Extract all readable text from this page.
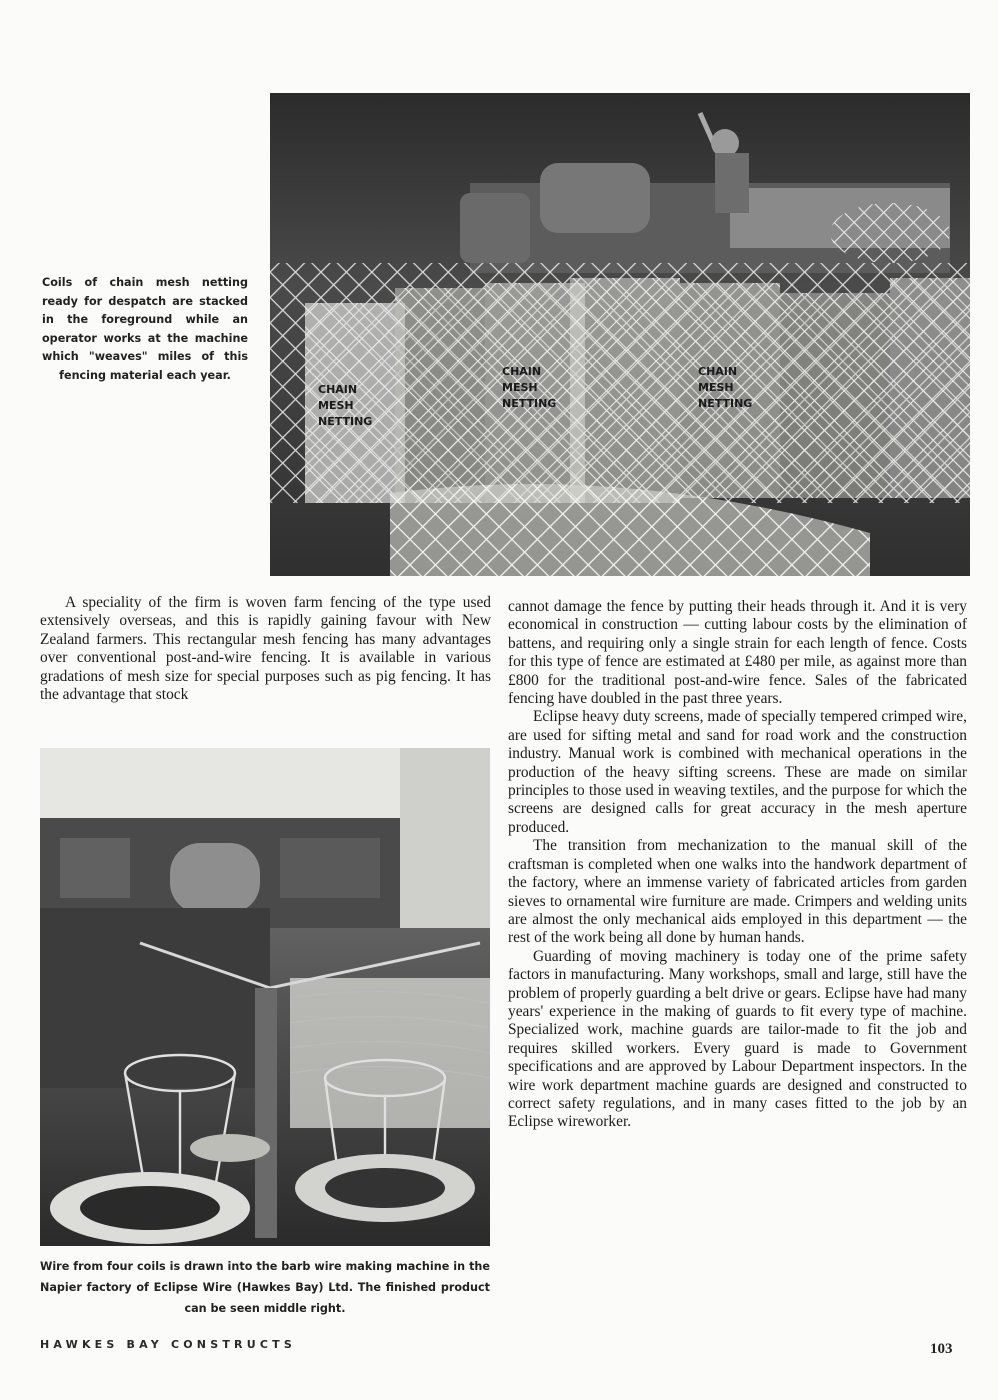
CHAIN
MESH
NETTING
CHAIN
MESH
NETTING
CHAIN
MESH
NETTING
Coils of chain mesh netting ready for despatch are stacked in the foreground while an operator works at the machine which "weaves" miles of this fencing material each year.

A speciality of the firm is woven farm fencing of the type used extensively overseas, and this is rapidly gaining favour with New Zealand farmers. This rectangular mesh fencing has many advantages over conventional post-and-wire fencing. It is available in various gradations of mesh size for special purposes such as pig fencing. It has the advantage that stock

Wire from four coils is drawn into the barb wire making machine in the Napier factory of Eclipse Wire (Hawkes Bay) Ltd. The finished product can be seen middle right.

cannot damage the fence by putting their heads through it. And it is very economical in construction — cutting labour costs by the elimination of battens, and requiring only a single strain for each length of fence. Costs for this type of fence are estimated at £480 per mile, as against more than £800 for the traditional post-and-wire fence. Sales of the fabricated fencing have doubled in the past three years.

Eclipse heavy duty screens, made of specially tempered crimped wire, are used for sifting metal and sand for road work and the construction industry. Manual work is combined with mechanical operations in the production of the heavy sifting screens. These are made on similar principles to those used in weaving textiles, and the purpose for which the screens are designed calls for great accuracy in the mesh aperture produced.

The transition from mechanization to the manual skill of the craftsman is completed when one walks into the handwork department of the factory, where an immense variety of fabricated articles from garden sieves to ornamental wire furniture are made. Crimpers and welding units are almost the only mechanical aids employed in this department — the rest of the work being all done by human hands.

Guarding of moving machinery is today one of the prime safety factors in manufacturing. Many workshops, small and large, still have the problem of properly guarding a belt drive or gears. Eclipse have had many years' experience in the making of guards to fit every type of machine. Specialized work, machine guards are tailor-made to fit the job and requires skilled workers. Every guard is made to Government specifications and are approved by Labour Department inspectors. In the wire work department machine guards are designed and constructed to correct safety regulations, and in many cases fitted to the job by an Eclipse wireworker.

HAWKES BAY CONSTRUCTS	103
